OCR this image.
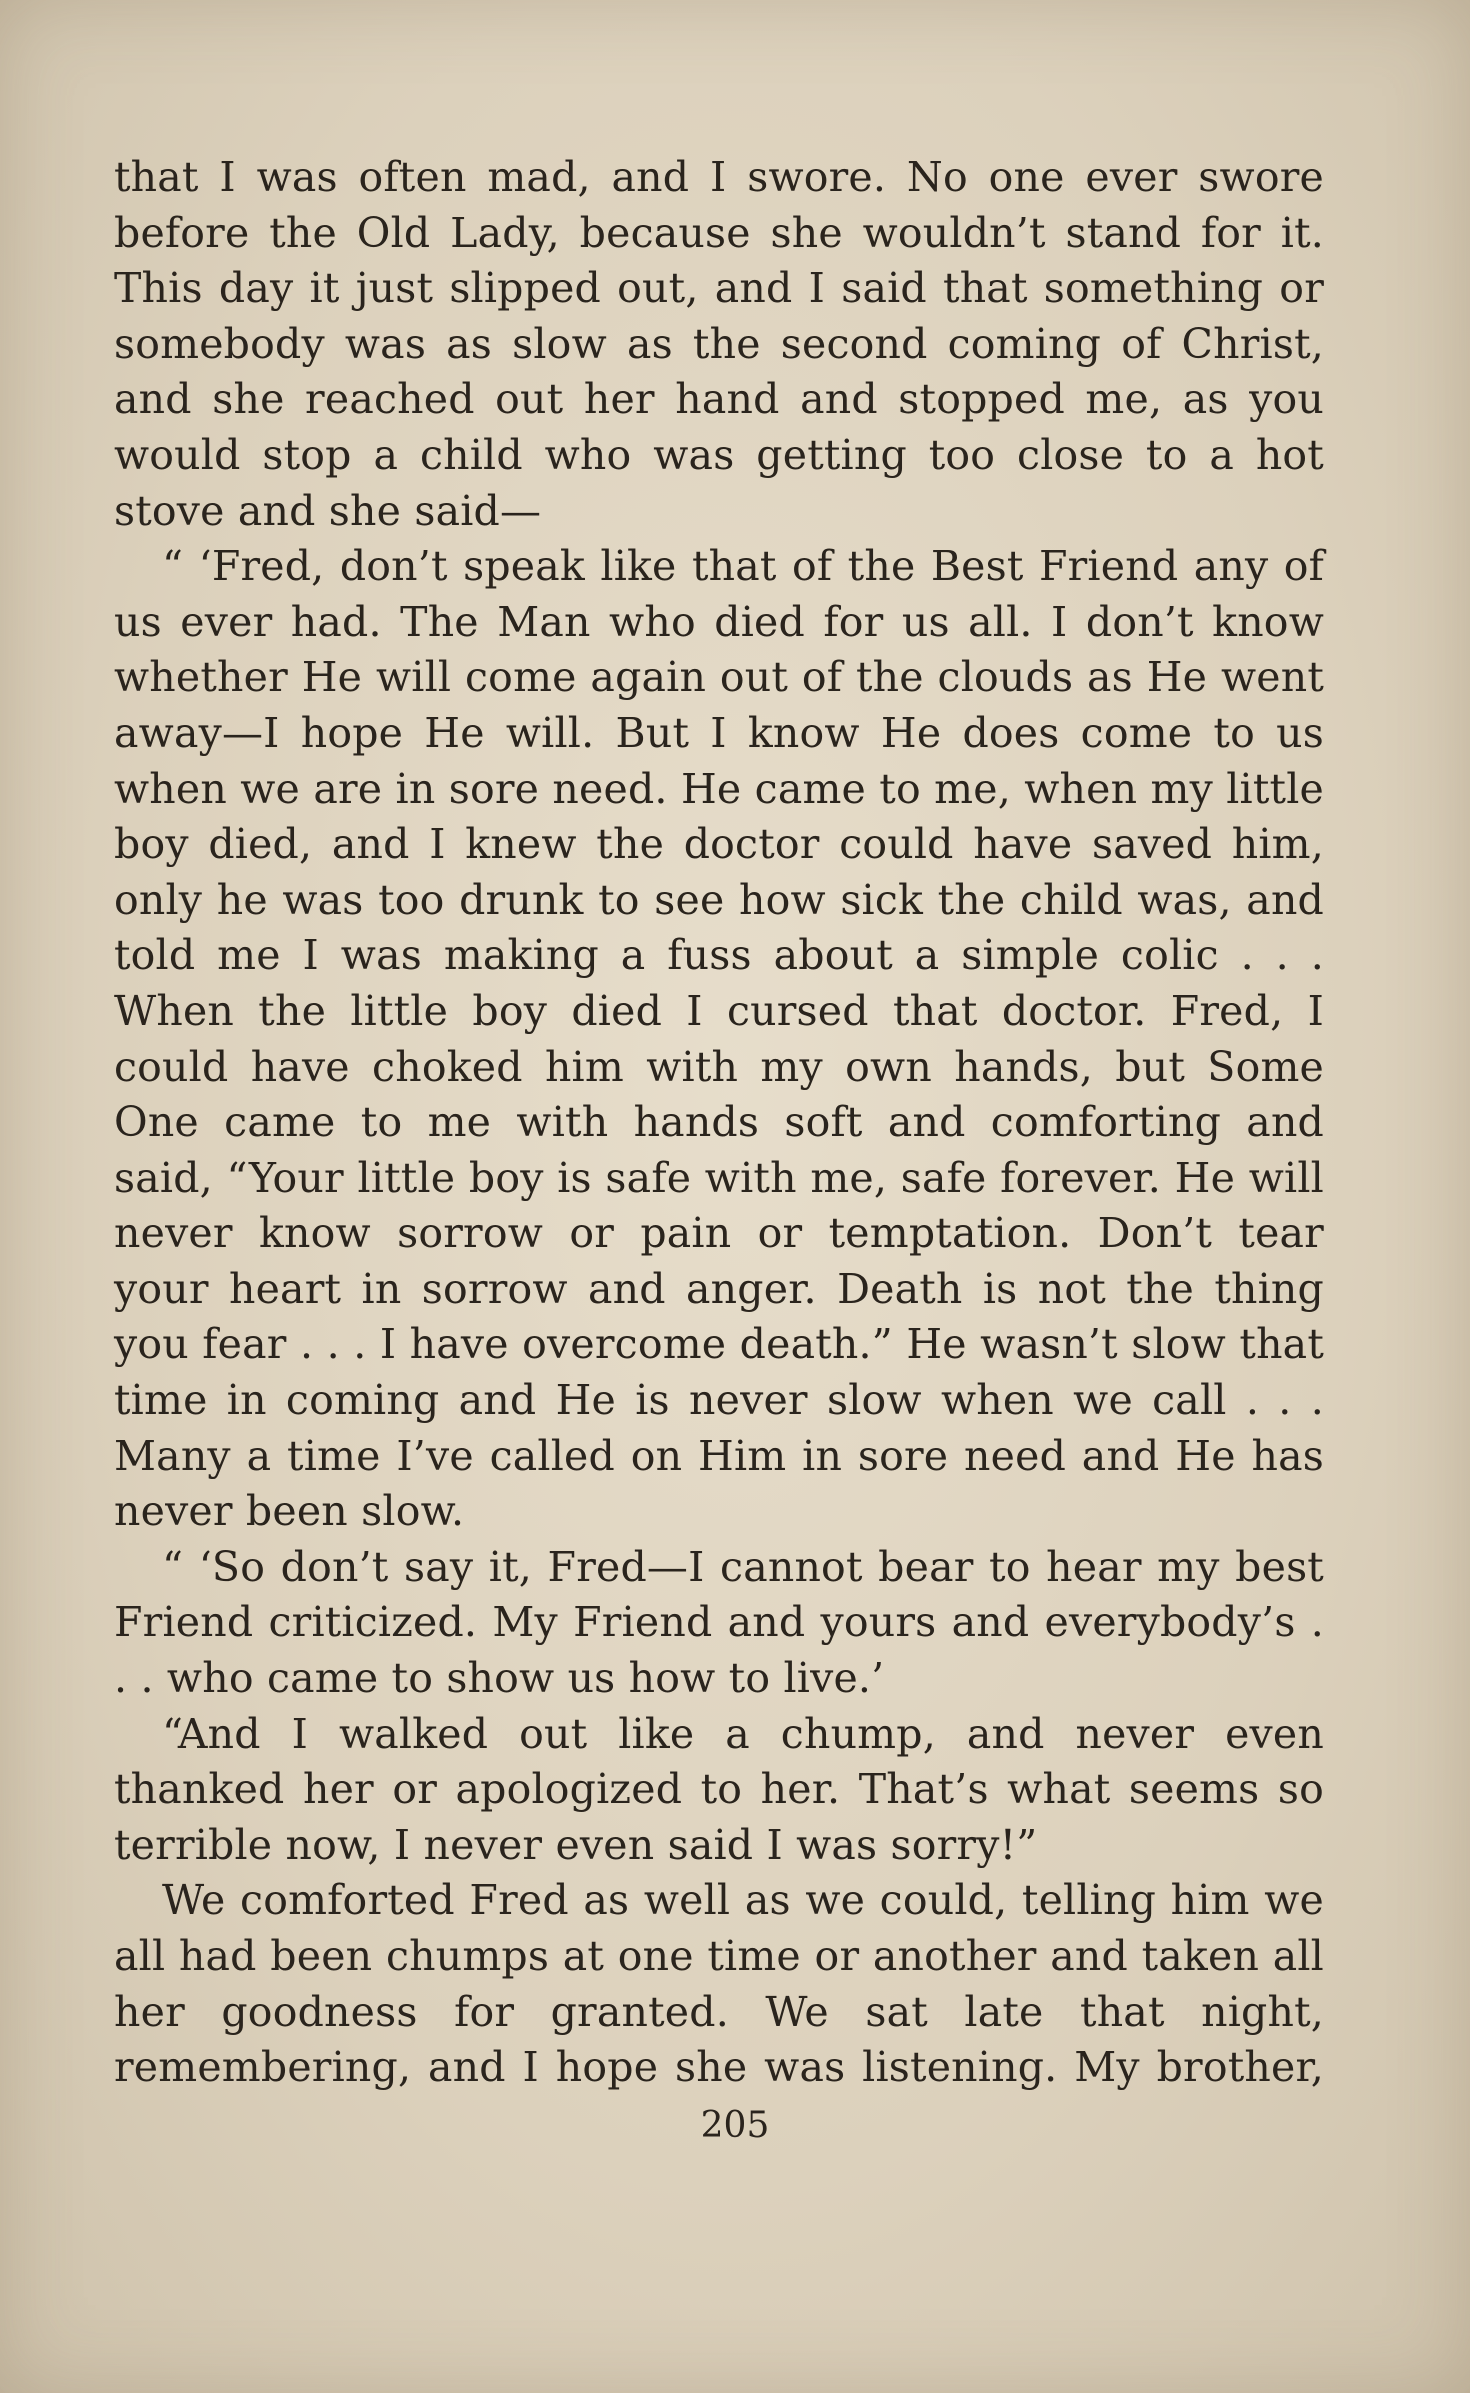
that I was often mad, and I swore. No one ever swore before the Old Lady, because she wouldn’t stand for it. This day it just slipped out, and I said that something or somebody was as slow as the second coming of Christ, and she reached out her hand and stopped me, as you would stop a child who was getting too close to a hot stove and she said—

“ ‘Fred, don’t speak like that of the Best Friend any of us ever had. The Man who died for us all. I don’t know whether He will come again out of the clouds as He went away—I hope He will. But I know He does come to us when we are in sore need. He came to me, when my little boy died, and I knew the doctor could have saved him, only he was too drunk to see how sick the child was, and told me I was making a fuss about a simple colic . . . When the little boy died I cursed that doctor. Fred, I could have choked him with my own hands, but Some One came to me with hands soft and comforting and said, “Your little boy is safe with me, safe forever. He will never know sorrow or pain or temptation. Don’t tear your heart in sorrow and anger. Death is not the thing you fear . . . I have overcome death.” He wasn’t slow that time in coming and He is never slow when we call . . . Many a time I’ve called on Him in sore need and He has never been slow.

“ ‘So don’t say it, Fred—I cannot bear to hear my best Friend criticized. My Friend and yours and everybody’s . . . who came to show us how to live.’

“And I walked out like a chump, and never even thanked her or apologized to her. That’s what seems so terrible now, I never even said I was sorry!”

We comforted Fred as well as we could, telling him we all had been chumps at one time or another and taken all her goodness for granted. We sat late that night, remembering, and I hope she was listening. My brother,

205
